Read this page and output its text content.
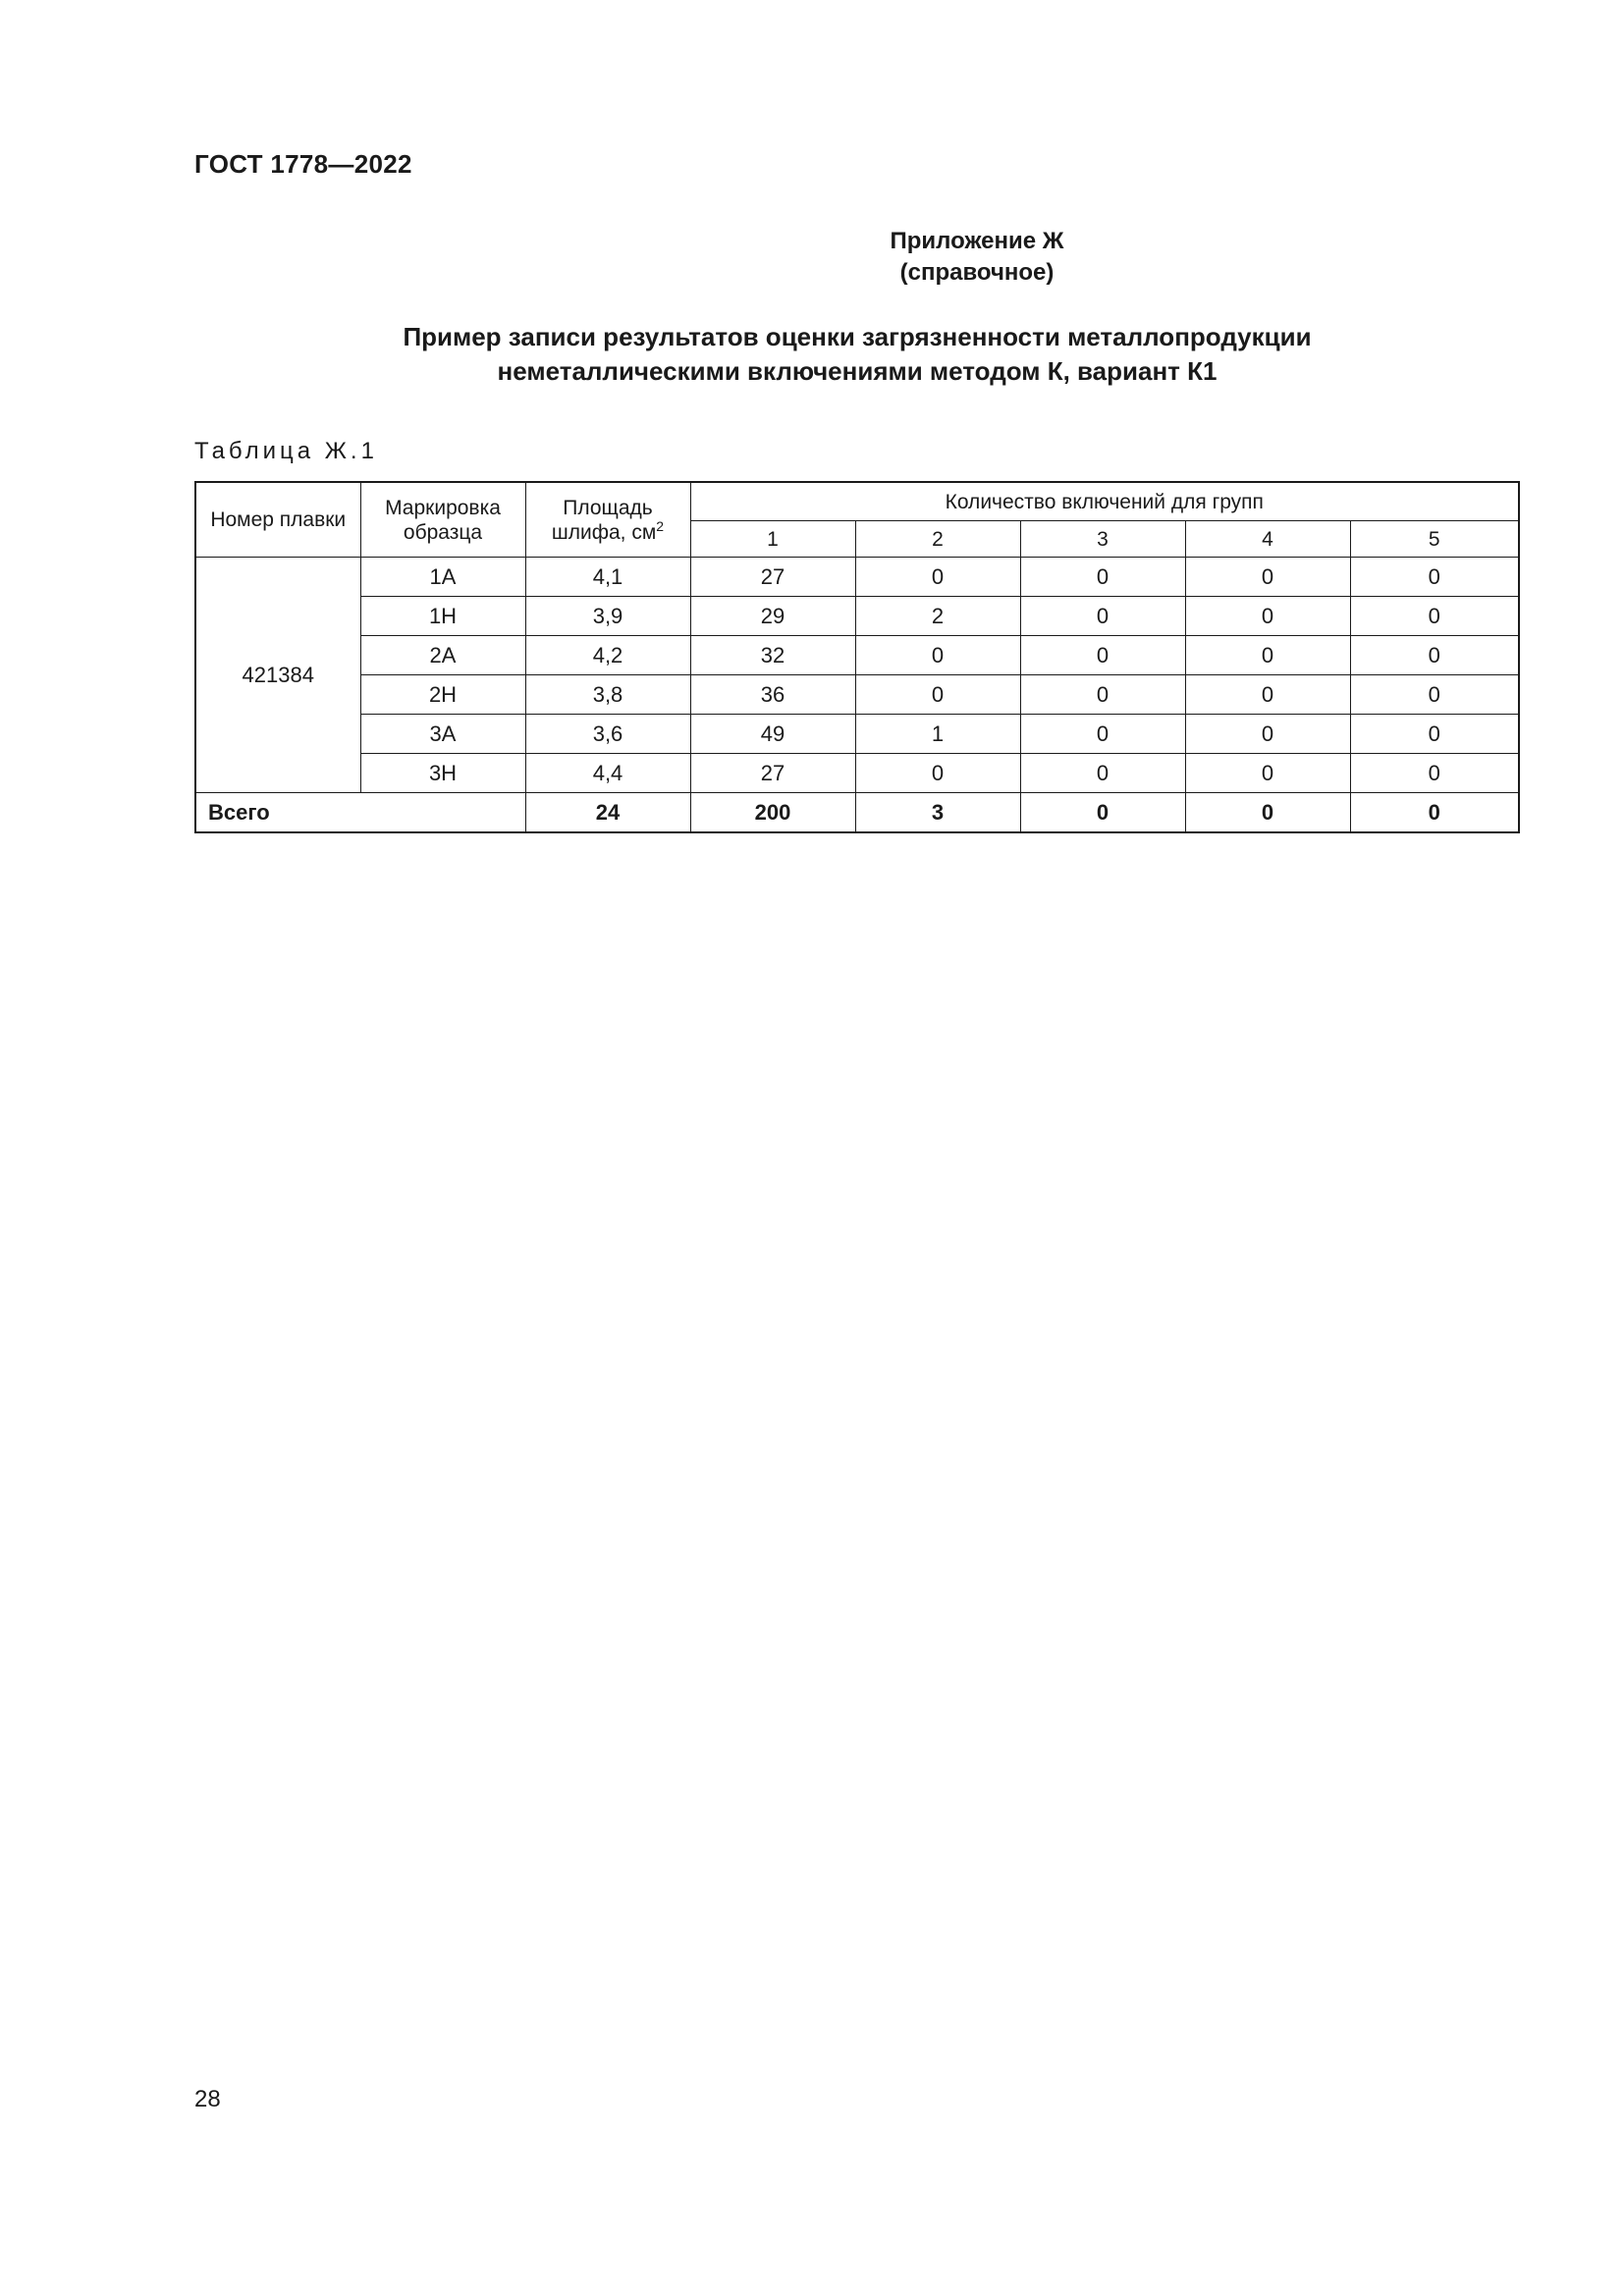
ГОСТ 1778—2022
Приложение Ж
(справочное)
Пример записи результатов оценки загрязненности металлопродукции
неметаллическими включениями методом К, вариант К1
Таблица Ж.1
Номер плавки	Маркировка образца	Площадь шлифа, $см^2$	Количество включений для групп				
			1	2	3	4	5
421384	1А	4,1	27	0	0	0	0
	1Н	3,9	29	2	0	0	0
	2А	4,2	32	0	0	0	0
	2Н	3,8	36	0	0	0	0
	3А	3,6	49	1	0	0	0
	3Н	4,4	27	0	0	0	0
Всего		24	200	3	0	0	0
28
